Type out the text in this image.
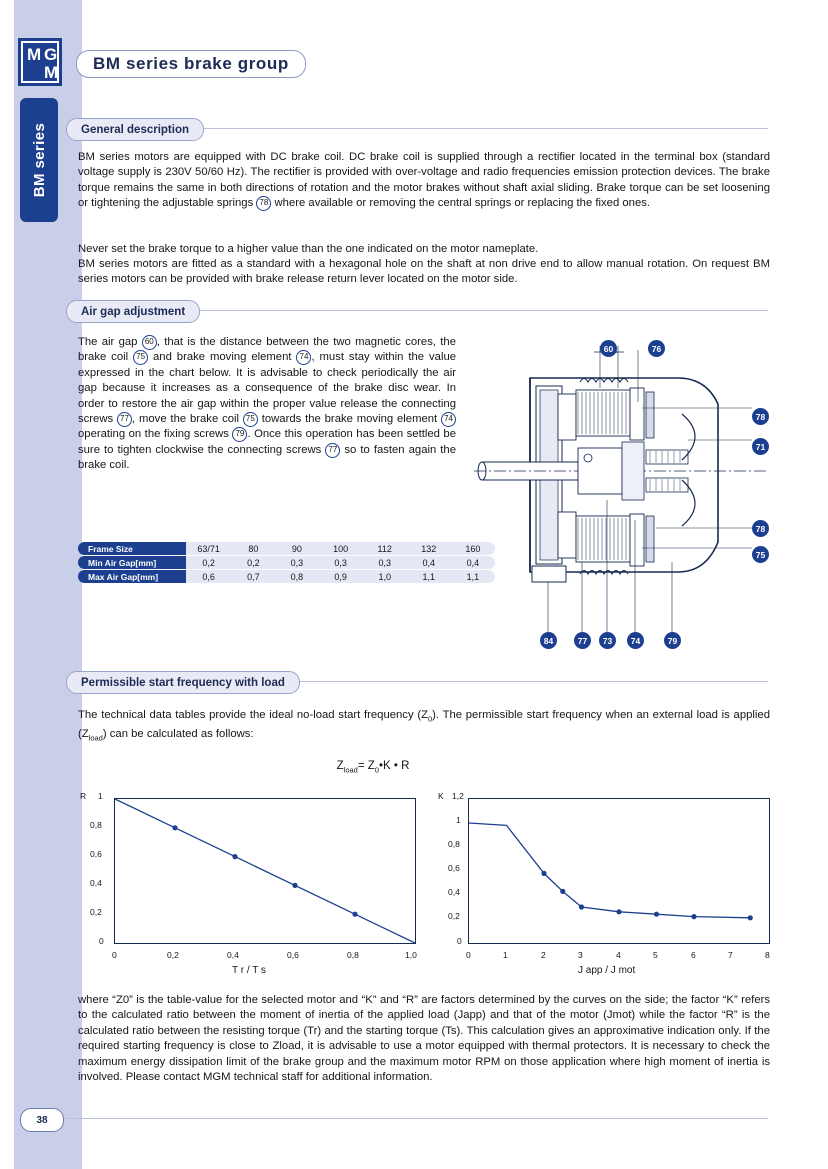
M G
M
BM series
BM series brake group
General description
BM series motors are equipped with DC brake coil. DC brake coil is supplied through a rectifier located in the terminal box (standard voltage supply is 230V 50/60 Hz). The rectifier is provided with over-voltage and radio frequencies emission protection devices. The brake torque remains the same in both directions of rotation and the motor brakes without shaft axial sliding. Brake torque can be set loosening or tightening the adjustable springs 78 where available or removing the central springs or replacing the fixed ones.
Never set the brake torque to a higher value than the one indicated on the motor nameplate.
BM series motors are fitted as a standard with a hexagonal hole on the shaft at non drive end to allow manual rotation. On request BM series motors can be provided with brake release return lever located on the motor side.
Air gap adjustment
The air gap 60 , that is the distance between the two magnetic cores, the brake coil 75 and brake moving element 74 , must stay within the value expressed in the chart below. It is advisable to check periodically the air gap because it increases as a consequence of the brake disc wear. In order to restore the air gap within the proper value release the connecting screws 77 , move the brake coil 75 towards the brake moving element 74 operating on the fixing screws 79 . Once this operation has been settled be sure to tighten clockwise the connecting screws 77 so to fasten again the brake coil.
Frame Size	63/71	80	90	100	112	132	160
Min Air Gap[mm]	0,2	0,2	0,3	0,3	0,3	0,4	0,4
Max Air Gap[mm]	0,6	0,7	0,8	0,9	1,0	1,1	1,1
60	76
78
71
78
75
84	77	73	74	79
Permissible start frequency with load
The technical data tables provide the ideal no-load start frequency $(Z_0)$. The permissible start frequency when an external load is applied $(Z_{load})$ can be calculated as follows:
$Z_{load}=$ $Z_0•K$ • R
R 1
0,8
0,6
0,4
0,2
0
0	0,2	0,4	0,6	0,8	1,0
T r / T s
K 1,2
1
0,8
0,6
0,4
0,2
0
0	1	2	3	4	5	6	7	8
J app / J mot
where “Z0” is the table-value for the selected motor and “K” and “R” are factors determined by the curves on the side; the factor “K” refers to the calculated ratio between the moment of inertia of the applied load (Japp) and that of the motor (Jmot) while the factor “R” is the calculated ratio between the resisting torque (Tr) and the starting torque (Ts). This calculation gives an approximative indication only. If the required starting frequency is close to Zload, it is advisable to use a motor equipped with thermal protectors. It is necessary to check the maximum energy dissipation limit of the brake group and the maximum motor RPM on those application where high moment of inertia is involved. Please contact MGM technical staff for additional information.
38
